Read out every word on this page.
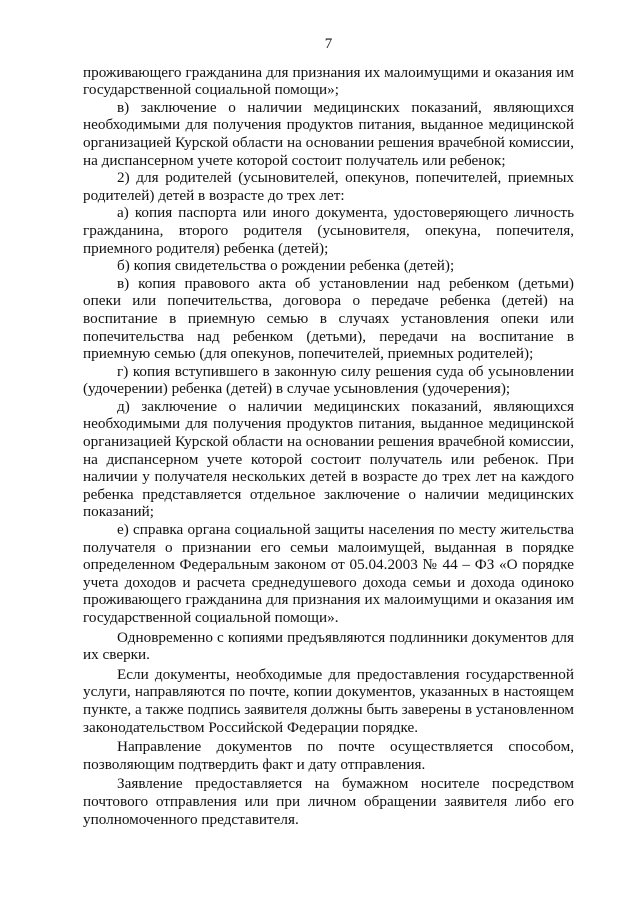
7

проживающего гражданина для признания их малоимущими и оказания им государственной социальной помощи»;

в) заключение о наличии медицинских показаний, являющихся необходимыми для получения продуктов питания, выданное медицинской организацией Курской области на основании решения врачебной комиссии, на диспансерном учете которой состоит получатель или ребенок;

2) для родителей (усыновителей, опекунов, попечителей, приемных родителей) детей в возрасте до трех лет:

а) копия паспорта или иного документа, удостоверяющего личность гражданина, второго родителя (усыновителя, опекуна, попечителя, приемного родителя) ребенка (детей);

б) копия свидетельства о рождении ребенка (детей);

в) копия правового акта об установлении над ребенком (детьми) опеки или попечительства, договора о передаче ребенка (детей) на воспитание в приемную семью в случаях установления опеки или попечительства над ребенком (детьми), передачи на воспитание в приемную семью (для опекунов, попечителей, приемных родителей);

г) копия вступившего в законную силу решения суда об усыновлении (удочерении) ребенка (детей) в случае усыновления (удочерения);

д) заключение о наличии медицинских показаний, являющихся необходимыми для получения продуктов питания, выданное медицинской организацией Курской области на основании решения врачебной комиссии, на диспансерном учете которой состоит получатель или ребенок. При наличии у получателя нескольких детей в возрасте до трех лет на каждого ребенка представляется отдельное заключение о наличии медицинских показаний;

е) справка органа социальной защиты населения по месту жительства получателя о признании его семьи малоимущей, выданная в порядке определенном Федеральным законом от 05.04.2003 № 44 – ФЗ «О порядке учета доходов и расчета среднедушевого дохода семьи и дохода одиноко проживающего гражданина для признания их малоимущими и оказания им государственной социальной помощи».

Одновременно с копиями предъявляются подлинники документов для их сверки.

Если документы, необходимые для предоставления государственной услуги, направляются по почте, копии документов, указанных в настоящем пункте, а также подпись заявителя должны быть заверены в установленном законодательством Российской Федерации порядке.

Направление документов по почте осуществляется способом, позволяющим подтвердить факт и дату отправления.

Заявление предоставляется на бумажном носителе посредством почтового отправления или при личном обращении заявителя либо его уполномоченного представителя.
